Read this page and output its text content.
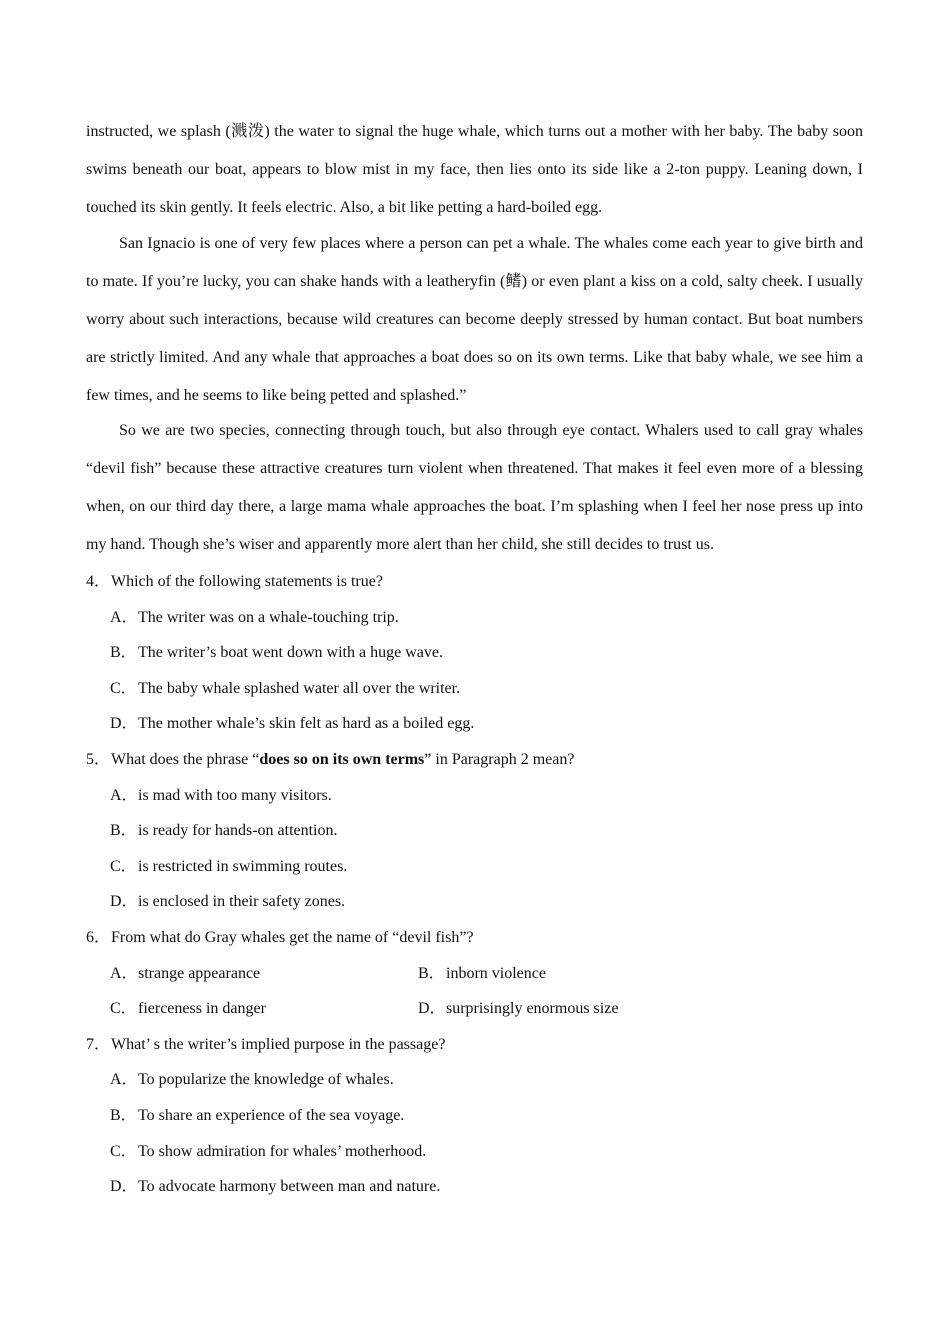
instructed, we splash (溅泼) the water to signal the huge whale, which turns out a mother with her baby. The baby soon swims beneath our boat, appears to blow mist in my face, then lies onto its side like a 2-ton puppy. Leaning down, I touched its skin gently. It feels electric. Also, a bit like petting a hard-boiled egg.

San Ignacio is one of very few places where a person can pet a whale. The whales come each year to give birth and to mate. If you’re lucky, you can shake hands with a leatheryfin (鳍) or even plant a kiss on a cold, salty cheek. I usually worry about such interactions, because wild creatures can become deeply stressed by human contact. But boat numbers are strictly limited. And any whale that approaches a boat does so on its own terms. Like that baby whale, we see him a few times, and he seems to like being petted and splashed.”

So we are two species, connecting through touch, but also through eye contact. Whalers used to call gray whales “devil fish” because these attractive creatures turn violent when threatened. That makes it feel even more of a blessing when, on our third day there, a large mama whale approaches the boat. I’m splashing when I feel her nose press up into my hand. Though she’s wiser and apparently more alert than her child, she still decides to trust us.

4．Which of the following statements is true?
A．The writer was on a whale-touching trip.
B．The writer’s boat went down with a huge wave.
C．The baby whale splashed water all over the writer.
D．The mother whale’s skin felt as hard as a boiled egg.
5．What does the phrase “does so on its own terms” in Paragraph 2 mean?
A．is mad with too many visitors.
B．is ready for hands-on attention.
C．is restricted in swimming routes.
D．is enclosed in their safety zones.
6．From what do Gray whales get the name of “devil fish”?
A．strange appearance	B．inborn violence
C．fierceness in danger	D．surprisingly enormous size
7．What’ s the writer’s implied purpose in the passage?
A．To popularize the knowledge of whales.
B．To share an experience of the sea voyage.
C．To show admiration for whales’ motherhood.
D．To advocate harmony between man and nature.
